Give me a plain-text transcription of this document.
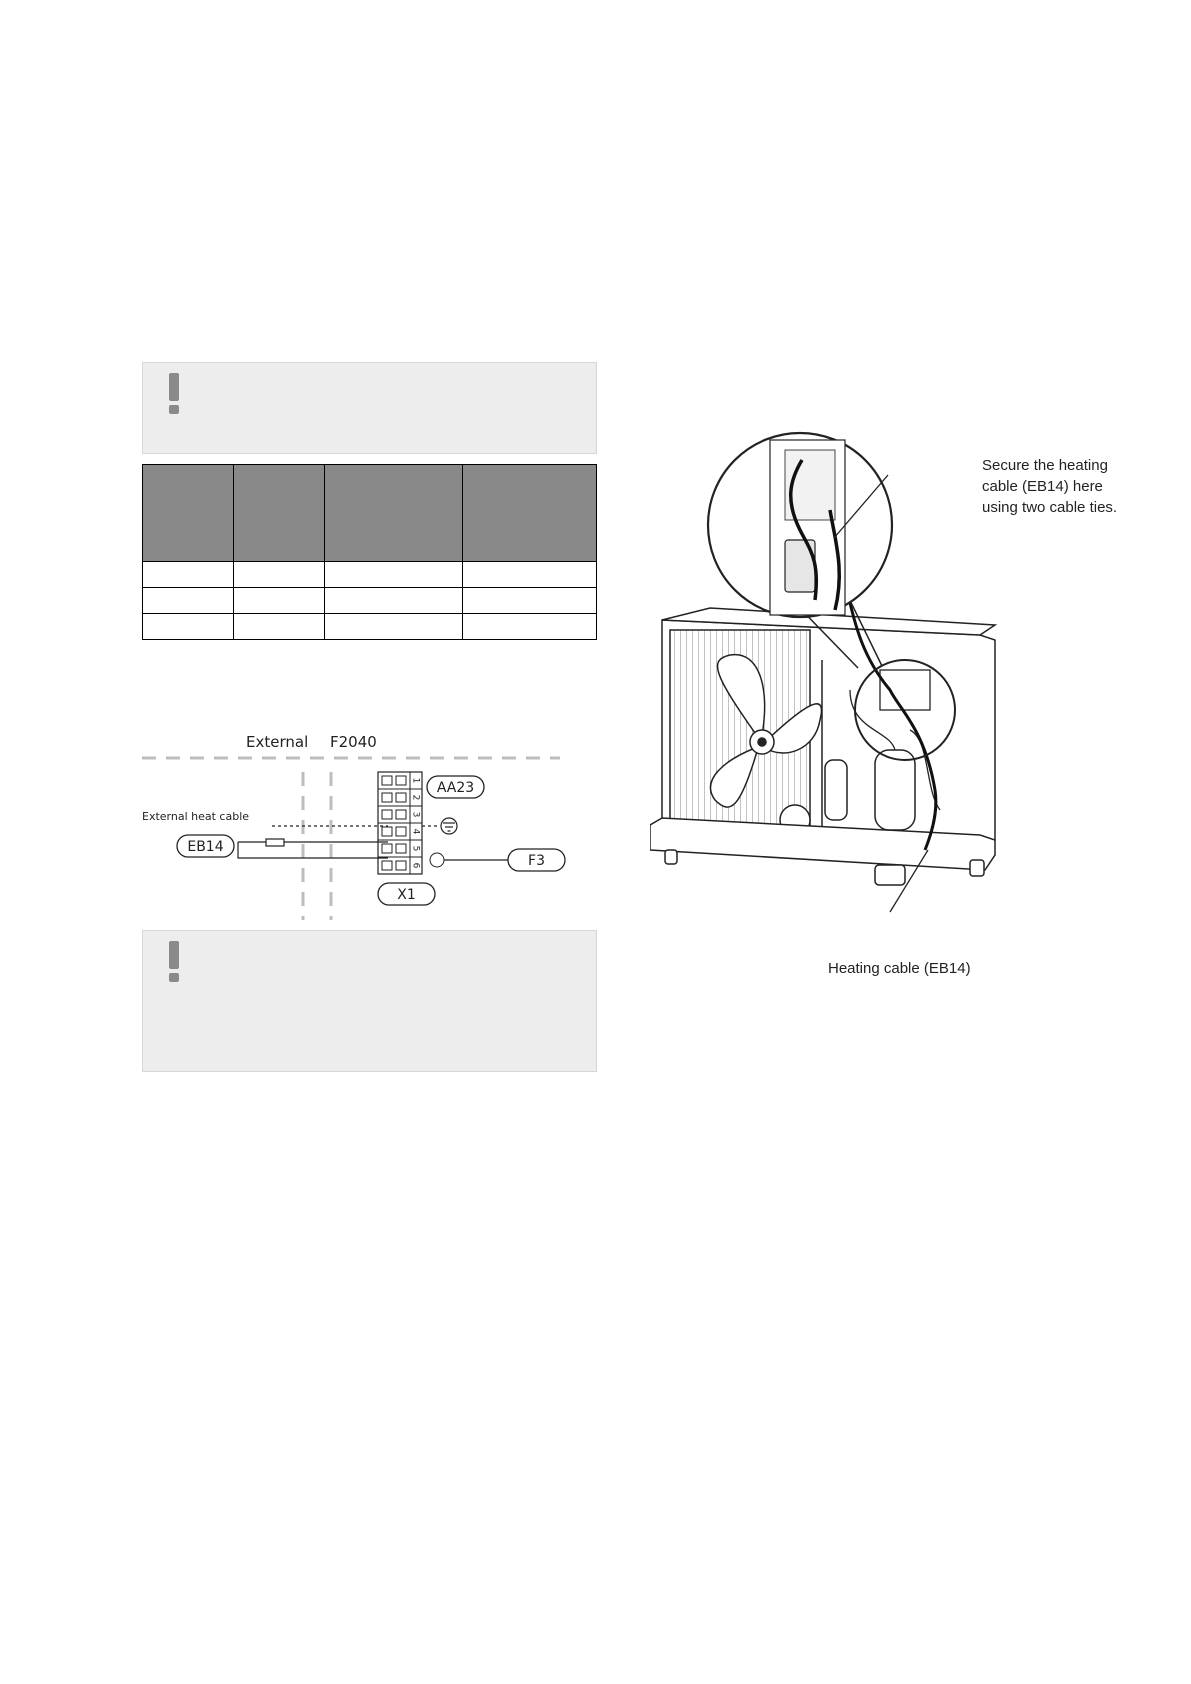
External F2040
1
2
3
4
5
6
External heat cable
EB14
AA23
F3
X1
Secure the heating
cable (EB14) here
using two cable ties.
Heating cable (EB14)
